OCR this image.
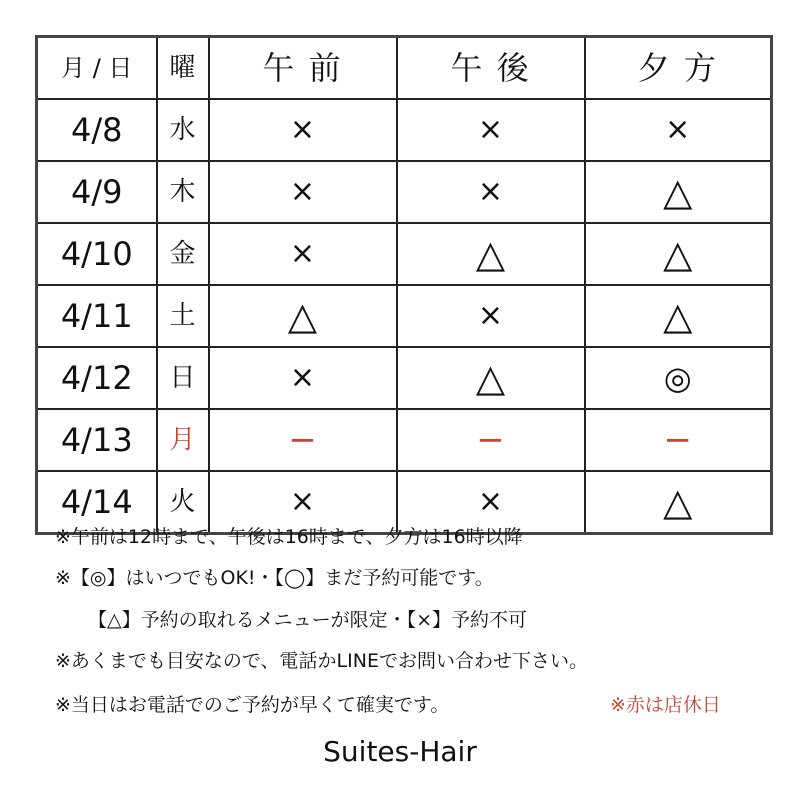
月 / 日	曜	午 前	午 後	夕 方
4/8	水	×	×	×
4/9	木	×	×	△
4/10	金	×	△	△
4/11	土	△	×	△
4/12	日	×	△	◎
4/13	月	−	−	−
4/14	火	×	×	△
※午前は12時まで、午後は16時まで、夕方は16時以降
※【◎】はいつでもOK!・【◯】まだ予約可能です。
【△】予約の取れるメニューが限定・【×】予約不可
※あくまでも目安なので、電話かLINEでお問い合わせ下さい。
※当日はお電話でのご予約が早くて確実です。	※赤は店休日
Suites-Hair
